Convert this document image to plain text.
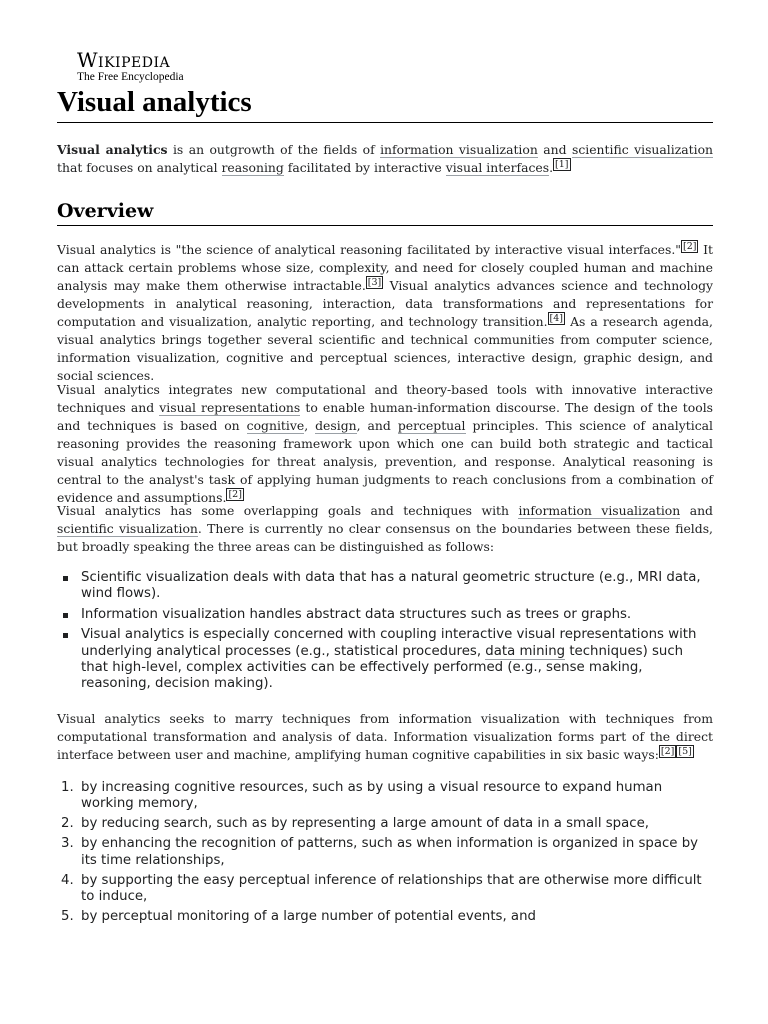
Wikipedia
The Free Encyclopedia
Visual analytics

Visual analytics is an outgrowth of the fields of information visualization and scientific visualization that focuses on analytical reasoning facilitated by interactive visual interfaces. [1]

Overview

Visual analytics is "the science of analytical reasoning facilitated by interactive visual interfaces." [2] It can attack certain problems whose size, complexity, and need for closely coupled human and machine analysis may make them otherwise intractable. [3] Visual analytics advances science and technology developments in analytical reasoning, interaction, data transformations and representations for computation and visualization, analytic reporting, and technology transition. [4] As a research agenda, visual analytics brings together several scientific and technical communities from computer science, information visualization, cognitive and perceptual sciences, interactive design, graphic design, and social sciences.

Visual analytics integrates new computational and theory-based tools with innovative interactive techniques and visual representations to enable human-information discourse. The design of the tools and techniques is based on cognitive, design, and perceptual principles. This science of analytical reasoning provides the reasoning framework upon which one can build both strategic and tactical visual analytics technologies for threat analysis, prevention, and response. Analytical reasoning is central to the analyst's task of applying human judgments to reach conclusions from a combination of evidence and assumptions. [2]

Visual analytics has some overlapping goals and techniques with information visualization and scientific visualization. There is currently no clear consensus on the boundaries between these fields, but broadly speaking the three areas can be distinguished as follows:

Scientific visualization deals with data that has a natural geometric structure (e.g., MRI data, wind flows).
Information visualization handles abstract data structures such as trees or graphs.
Visual analytics is especially concerned with coupling interactive visual representations with underlying analytical processes (e.g., statistical procedures, data mining techniques) such that high-level, complex activities can be effectively performed (e.g., sense making, reasoning, decision making).

Visual analytics seeks to marry techniques from information visualization with techniques from computational transformation and analysis of data. Information visualization forms part of the direct interface between user and machine, amplifying human cognitive capabilities in six basic ways: [2] [5]

1. by increasing cognitive resources, such as by using a visual resource to expand human working memory,
2. by reducing search, such as by representing a large amount of data in a small space,
3. by enhancing the recognition of patterns, such as when information is organized in space by its time relationships,
4. by supporting the easy perceptual inference of relationships that are otherwise more difficult to induce,
5. by perceptual monitoring of a large number of potential events, and
